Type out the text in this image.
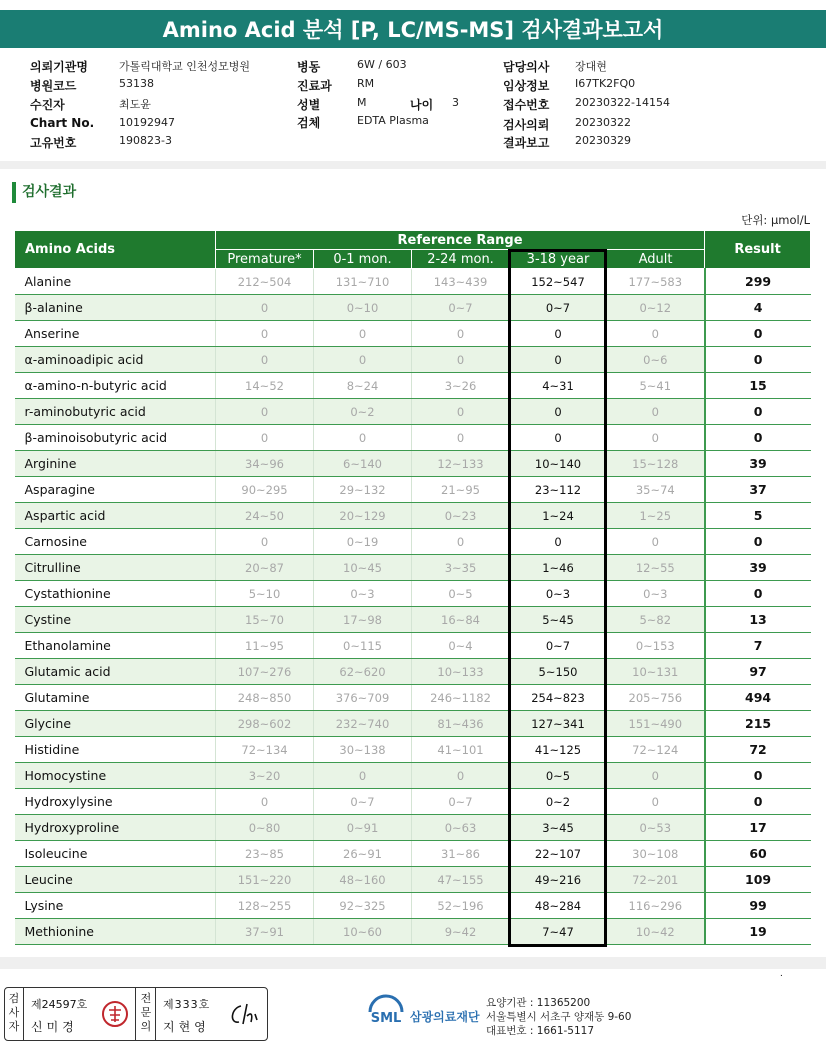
Amino Acid 분석 [P, LC/MS-MS] 검사결과보고서
의뢰기관명	가톨릭대학교 인천성모병원
병원코드	53138
수진자	최도윤
Chart No. 10192947
고유번호	190823-3
병동	6W / 603
진료과 RM
성별	M	나이 3
검체	EDTA Plasma
담당의사 장대현
임상정보 I67TK2FQ0
접수번호 20230322-14154
검사의뢰 20230322
결과보고 20230329
검사결과
단위: μmol/L
Amino Acids	Reference Range					Result
	Premature*	0-1 mon.	2-24 mon.	3-18 year	Adult	
Alanine	212~504	131~710	143~439	152~547	177~583	299
β-alanine	0	0~10	0~7	0~7	0~12	4
Anserine	0	0	0	0	0	0
α-aminoadipic acid	0	0	0	0	0~6	0
α-amino-n-butyric acid	14~52	8~24	3~26	4~31	5~41	15
r-aminobutyric acid	0	0~2	0	0	0	0
β-aminoisobutyric acid	0	0	0	0	0	0
Arginine	34~96	6~140	12~133	10~140	15~128	39
Asparagine	90~295	29~132	21~95	23~112	35~74	37
Aspartic acid	24~50	20~129	0~23	1~24	1~25	5
Carnosine	0	0~19	0	0	0	0
Citrulline	20~87	10~45	3~35	1~46	12~55	39
Cystathionine	5~10	0~3	0~5	0~3	0~3	0
Cystine	15~70	17~98	16~84	5~45	5~82	13
Ethanolamine	11~95	0~115	0~4	0~7	0~153	7
Glutamic acid	107~276	62~620	10~133	5~150	10~131	97
Glutamine	248~850	376~709	246~1182	254~823	205~756	494
Glycine	298~602	232~740	81~436	127~341	151~490	215
Histidine	72~134	30~138	41~101	41~125	72~124	72
Homocystine	3~20	0	0	0~5	0	0
Hydroxylysine	0	0~7	0~7	0~2	0	0
Hydroxyproline	0~80	0~91	0~63	3~45	0~53	17
Isoleucine	23~85	26~91	31~86	22~107	30~108	60
Leucine	151~220	48~160	47~155	49~216	72~201	109
Lysine	128~255	92~325	52~196	48~284	116~296	99
Methionine	37~91	10~60	9~42	7~47	10~42	19
.
검사자
제24597호
신미경
전문의
제333호
지현영
SML 삼광의료재단
요양기관 : 11365200
서울특별시 서초구 양재동 9-60
대표번호 : 1661-5117
